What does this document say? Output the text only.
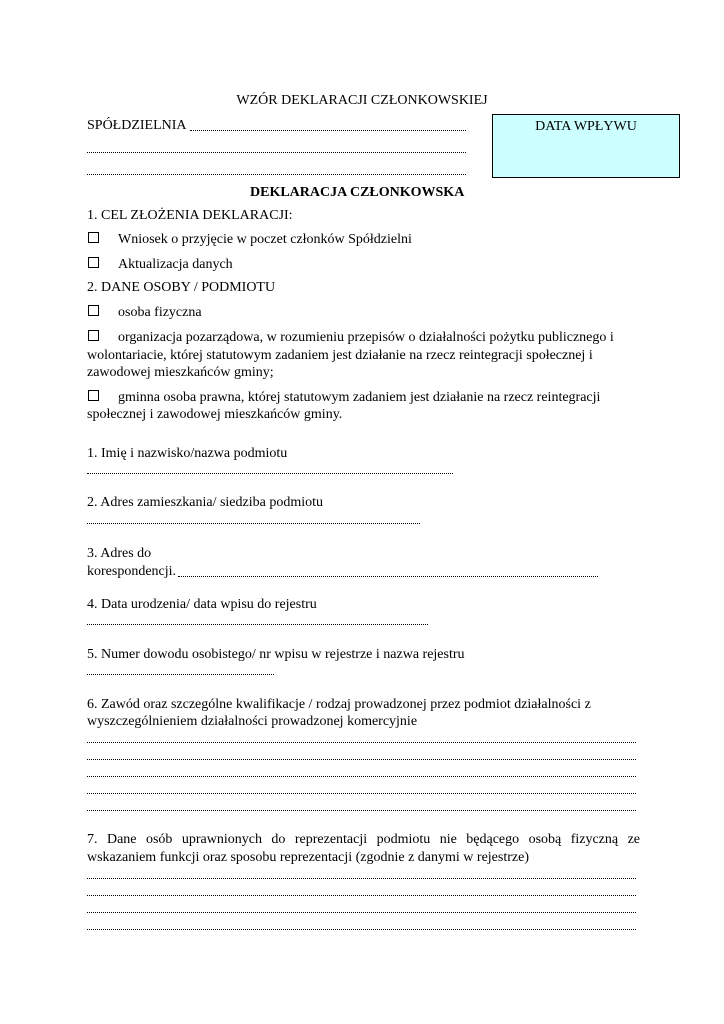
WZÓR DEKLARACJI CZŁONKOWSKIEJ
SPÓŁDZIELNIA	DATA WPŁYWU
DEKLARACJA CZŁONKOWSKA
1. CEL ZŁOŻENIA DEKLARACJI:
Wniosek o przyjęcie w poczet członków Spółdzielni
Aktualizacja danych
2. DANE OSOBY / PODMIOTU
osoba fizyczna
organizacja pozarządowa, w rozumieniu przepisów o działalności pożytku publicznego i
wolontariacie, której statutowym zadaniem jest działanie na rzecz reintegracji społecznej i
zawodowej mieszkańców gminy;
gminna osoba prawna, której statutowym zadaniem jest działanie na rzecz reintegracji
społecznej i zawodowej mieszkańców gminy.
1. Imię i nazwisko/nazwa podmiotu
2. Adres zamieszkania/ siedziba podmiotu
3. Adres do
korespondencji.
4. Data urodzenia/ data wpisu do rejestru
5. Numer dowodu osobistego/ nr wpisu w rejestrze i nazwa rejestru
6. Zawód oraz szczególne kwalifikacje / rodzaj prowadzonej przez podmiot działalności z
wyszczególnieniem działalności prowadzonej komercyjnie
7. Dane osób uprawnionych do reprezentacji podmiotu nie będącego osobą fizyczną ze
wskazaniem funkcji oraz sposobu reprezentacji (zgodnie z danymi w rejestrze)
